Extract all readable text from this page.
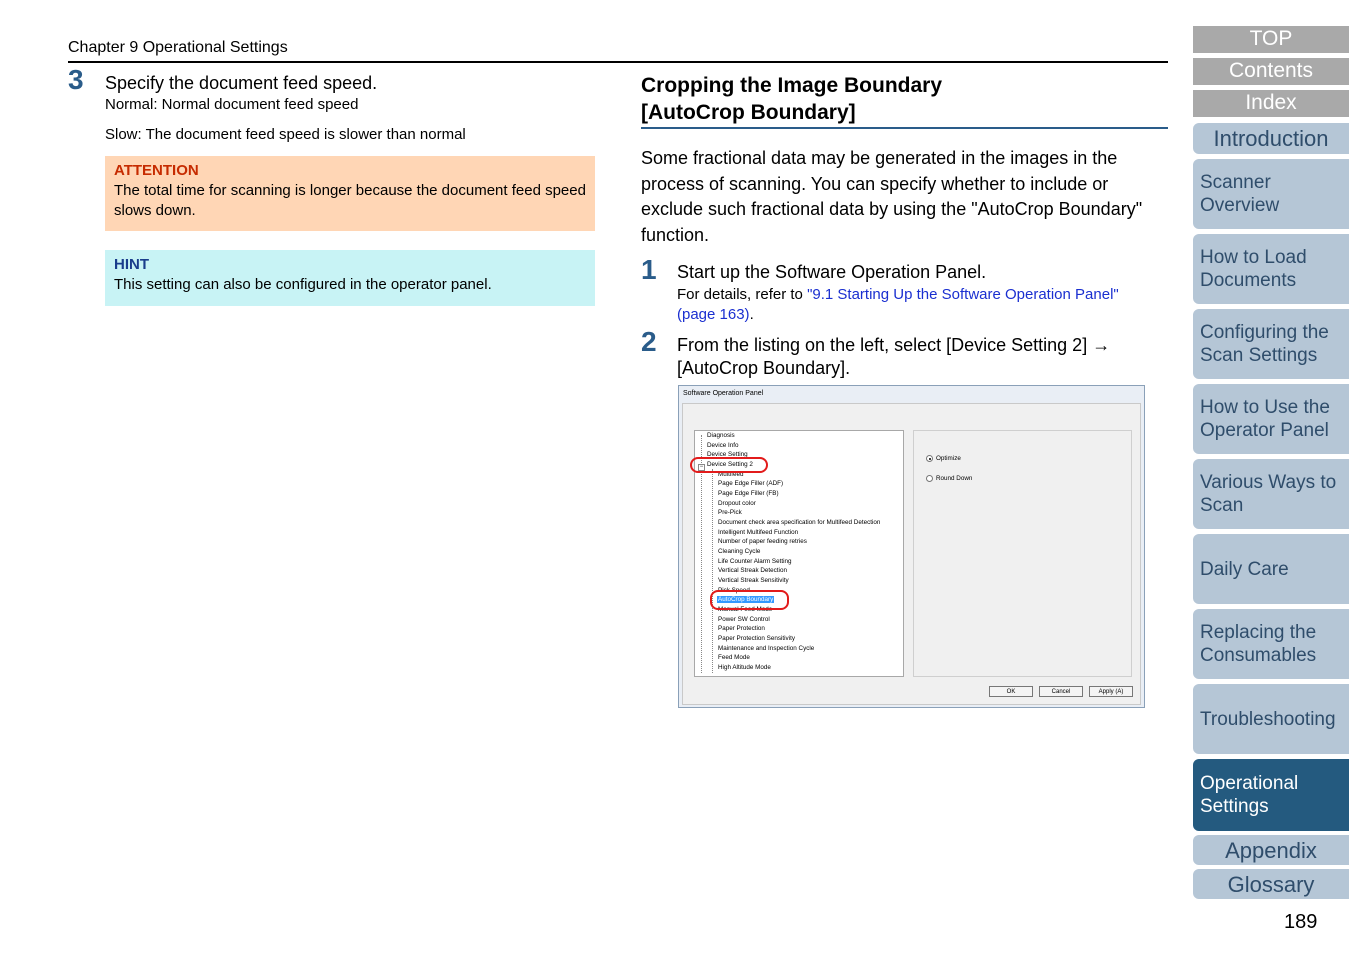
Chapter 9 Operational Settings
3 Specify the document feed speed.
Normal: Normal document feed speed
Slow: The document feed speed is slower than normal
ATTENTION
The total time for scanning is longer because the document feed speed slows down.
HINT
This setting can also be configured in the operator panel.
Cropping the Image Boundary
[AutoCrop Boundary]
Some fractional data may be generated in the images in the process of scanning. You can specify whether to include or exclude such fractional data by using the "AutoCrop Boundary" function.
1 Start up the Software Operation Panel.
For details, refer to "9.1 Starting Up the Software Operation Panel"
(page 163).
2 From the listing on the left, select [Device Setting 2] →
[AutoCrop Boundary].
Software Operation Panel
−
Diagnosis
Device Info
Device Setting
Device Setting 2
Multifeed
Page Edge Filler (ADF)
Page Edge Filler (FB)
Dropout color
Pre-Pick
Document check area specification for Multifeed Detection
Intelligent Multifeed Function
Number of paper feeding retries
Cleaning Cycle
Life Counter Alarm Setting
Vertical Streak Detection
Vertical Streak Sensitivity
Pick Speed
AutoCrop Boundary
Manual Feed Mode
Power SW Control
Paper Protection
Paper Protection Sensitivity
Maintenance and Inspection Cycle
Feed Mode
High Altitude Mode
Optimize
Round Down
OK	Cancel	Apply (A)
TOP
Contents
Index
Introduction
Scanner Overview
How to Load Documents
Configuring the Scan Settings
How to Use the Operator Panel
Various Ways to Scan
Daily Care
Replacing the Consumables
Troubleshooting
Operational Settings
Appendix
Glossary
189
